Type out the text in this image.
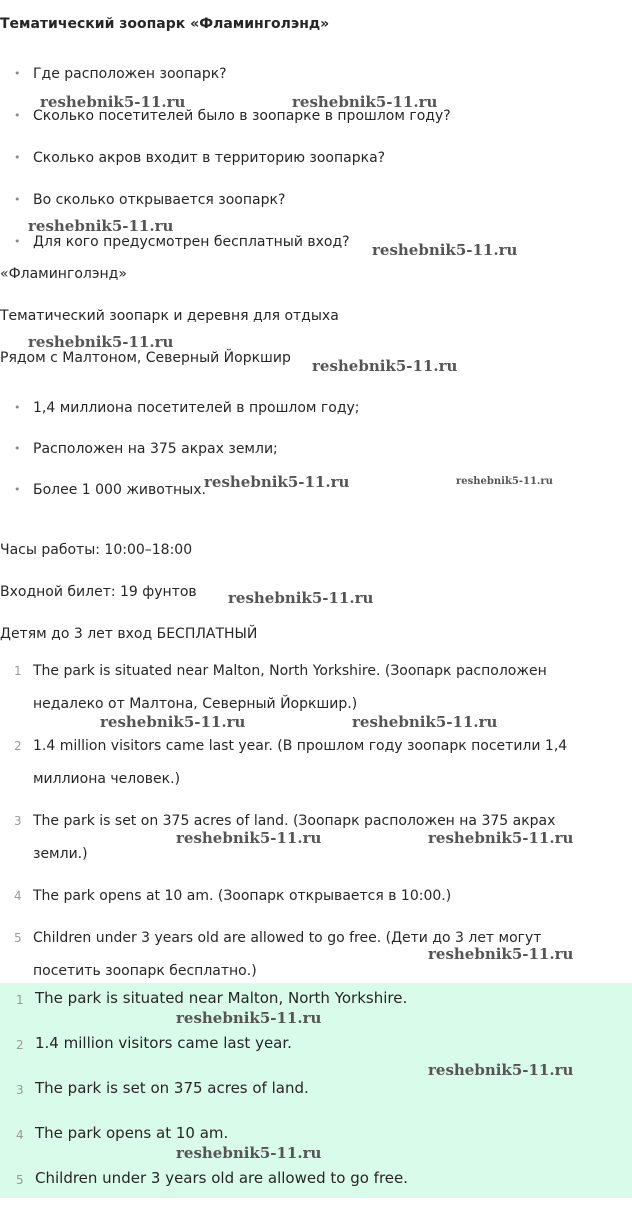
Тематический зоопарк «Фламинголэнд»
• Где расположен зоопарк?
• Сколько посетителей было в зоопарке в прошлом году?
• Сколько акров входит в территорию зоопарка?
• Во сколько открывается зоопарк?
• Для кого предусмотрен бесплатный вход?
«Фламинголэнд»
Тематический зоопарк и деревня для отдыха
Рядом с Малтоном, Северный Йоркшир
• 1,4 миллиона посетителей в прошлом году;
• Расположен на 375 акрах земли;
• Более 1 000 животных.
Часы работы: 10:00–18:00
Входной билет: 19 фунтов
Детям до 3 лет вход БЕСПЛАТНЫЙ
1 The park is situated near Malton, North Yorkshire. (Зоопарк расположен недалеко от Малтона, Северный Йоркшир.)
2 1.4 million visitors came last year. (В прошлом году зоопарк посетили 1,4 миллиона человек.)
3 The park is set on 375 acres of land. (Зоопарк расположен на 375 акрах земли.)
4 The park opens at 10 am. (Зоопарк открывается в 10:00.)
5 Children under 3 years old are allowed to go free. (Дети до 3 лет могут посетить зоопарк бесплатно.)
1 The park is situated near Malton, North Yorkshire.
2 1.4 million visitors came last year.
3 The park is set on 375 acres of land.
4 The park opens at 10 am.
5 Children under 3 years old are allowed to go free.
reshebnik5-11.ru	reshebnik5-11.ru
reshebnik5-11.ru
reshebnik5-11.ru
reshebnik5-11.ru
reshebnik5-11.ru
reshebnik5-11.ru	reshebnik5-11.ru
reshebnik5-11.ru
reshebnik5-11.ru	reshebnik5-11.ru
reshebnik5-11.ru	reshebnik5-11.ru
reshebnik5-11.ru
reshebnik5-11.ru
reshebnik5-11.ru
reshebnik5-11.ru
